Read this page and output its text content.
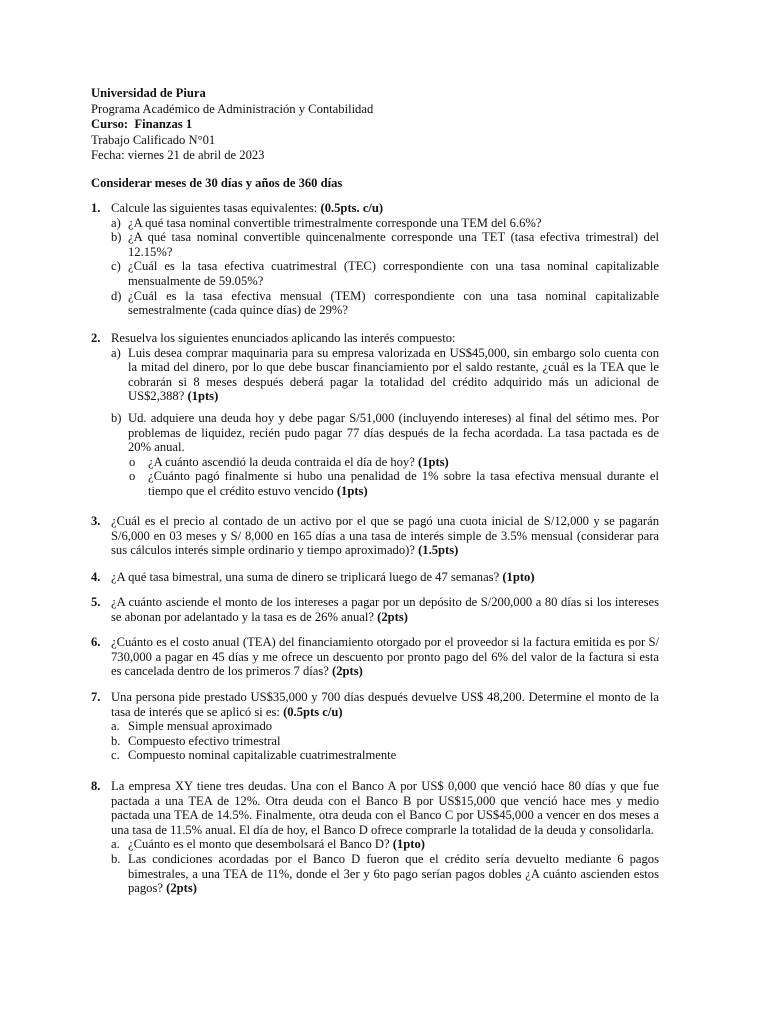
Universidad de Piura
Programa Académico de Administración y Contabilidad
Curso: Finanzas 1
Trabajo Calificado N°01
Fecha: viernes 21 de abril de 2023
Considerar meses de 30 días y años de 360 días
1. Calcule las siguientes tasas equivalentes: (0.5pts. c/u)
a) ¿A qué tasa nominal convertible trimestralmente corresponde una TEM del 6.6%?
b) ¿A qué tasa nominal convertible quincenalmente corresponde una TET (tasa efectiva trimestral) del 12.15%?
c) ¿Cuál es la tasa efectiva cuatrimestral (TEC) correspondiente con una tasa nominal capitalizable mensualmente de 59.05%?
d) ¿Cuál es la tasa efectiva mensual (TEM) correspondiente con una tasa nominal capitalizable semestralmente (cada quince días) de 29%?
2. Resuelva los siguientes enunciados aplicando las interés compuesto:
a) Luis desea comprar maquinaria para su empresa valorizada en US$45,000, sin embargo solo cuenta con la mitad del dinero, por lo que debe buscar financiamiento por el saldo restante, ¿cuál es la TEA que le cobrarán si 8 meses después deberá pagar la totalidad del crédito adquirido más un adicional de US$2,388? (1pts)
b) Ud. adquiere una deuda hoy y debe pagar S/51,000 (incluyendo intereses) al final del sétimo mes. Por problemas de liquidez, recién pudo pagar 77 días después de la fecha acordada. La tasa pactada es de 20% anual.
o ¿A cuánto ascendió la deuda contraida el día de hoy? (1pts)
o ¿Cuánto pagó finalmente si hubo una penalidad de 1% sobre la tasa efectiva mensual durante el tiempo que el crédito estuvo vencido (1pts)
3. ¿Cuál es el precio al contado de un activo por el que se pagó una cuota inicial de S/12,000 y se pagarán S/6,000 en 03 meses y S/ 8,000 en 165 días a una tasa de interés simple de 3.5% mensual (considerar para sus cálculos interés simple ordinario y tiempo aproximado)? (1.5pts)
4. ¿A qué tasa bimestral, una suma de dinero se triplicará luego de 47 semanas? (1pto)
5. ¿A cuánto asciende el monto de los intereses a pagar por un depósito de S/200,000 a 80 días si los intereses se abonan por adelantado y la tasa es de 26% anual? (2pts)
6. ¿Cuánto es el costo anual (TEA) del financiamiento otorgado por el proveedor si la factura emitida es por S/ 730,000 a pagar en 45 días y me ofrece un descuento por pronto pago del 6% del valor de la factura si esta es cancelada dentro de los primeros 7 días? (2pts)
7. Una persona pide prestado US$35,000 y 700 días después devuelve US$ 48,200. Determine el monto de la tasa de interés que se aplicó si es: (0.5pts c/u)
a. Simple mensual aproximado
b. Compuesto efectivo trimestral
c. Compuesto nominal capitalizable cuatrimestralmente
8. La empresa XY tiene tres deudas. Una con el Banco A por US$ 0,000 que venció hace 80 días y que fue pactada a una TEA de 12%. Otra deuda con el Banco B por US$15,000 que venció hace mes y medio pactada una TEA de 14.5%. Finalmente, otra deuda con el Banco C por US$45,000 a vencer en dos meses a una tasa de 11.5% anual. El día de hoy, el Banco D ofrece comprarle la totalidad de la deuda y consolidarla.
a. ¿Cuánto es el monto que desembolsará el Banco D? (1pto)
b. Las condiciones acordadas por el Banco D fueron que el crédito sería devuelto mediante 6 pagos bimestrales, a una TEA de 11%, donde el 3er y 6to pago serían pagos dobles ¿A cuánto ascienden estos pagos? (2pts)
